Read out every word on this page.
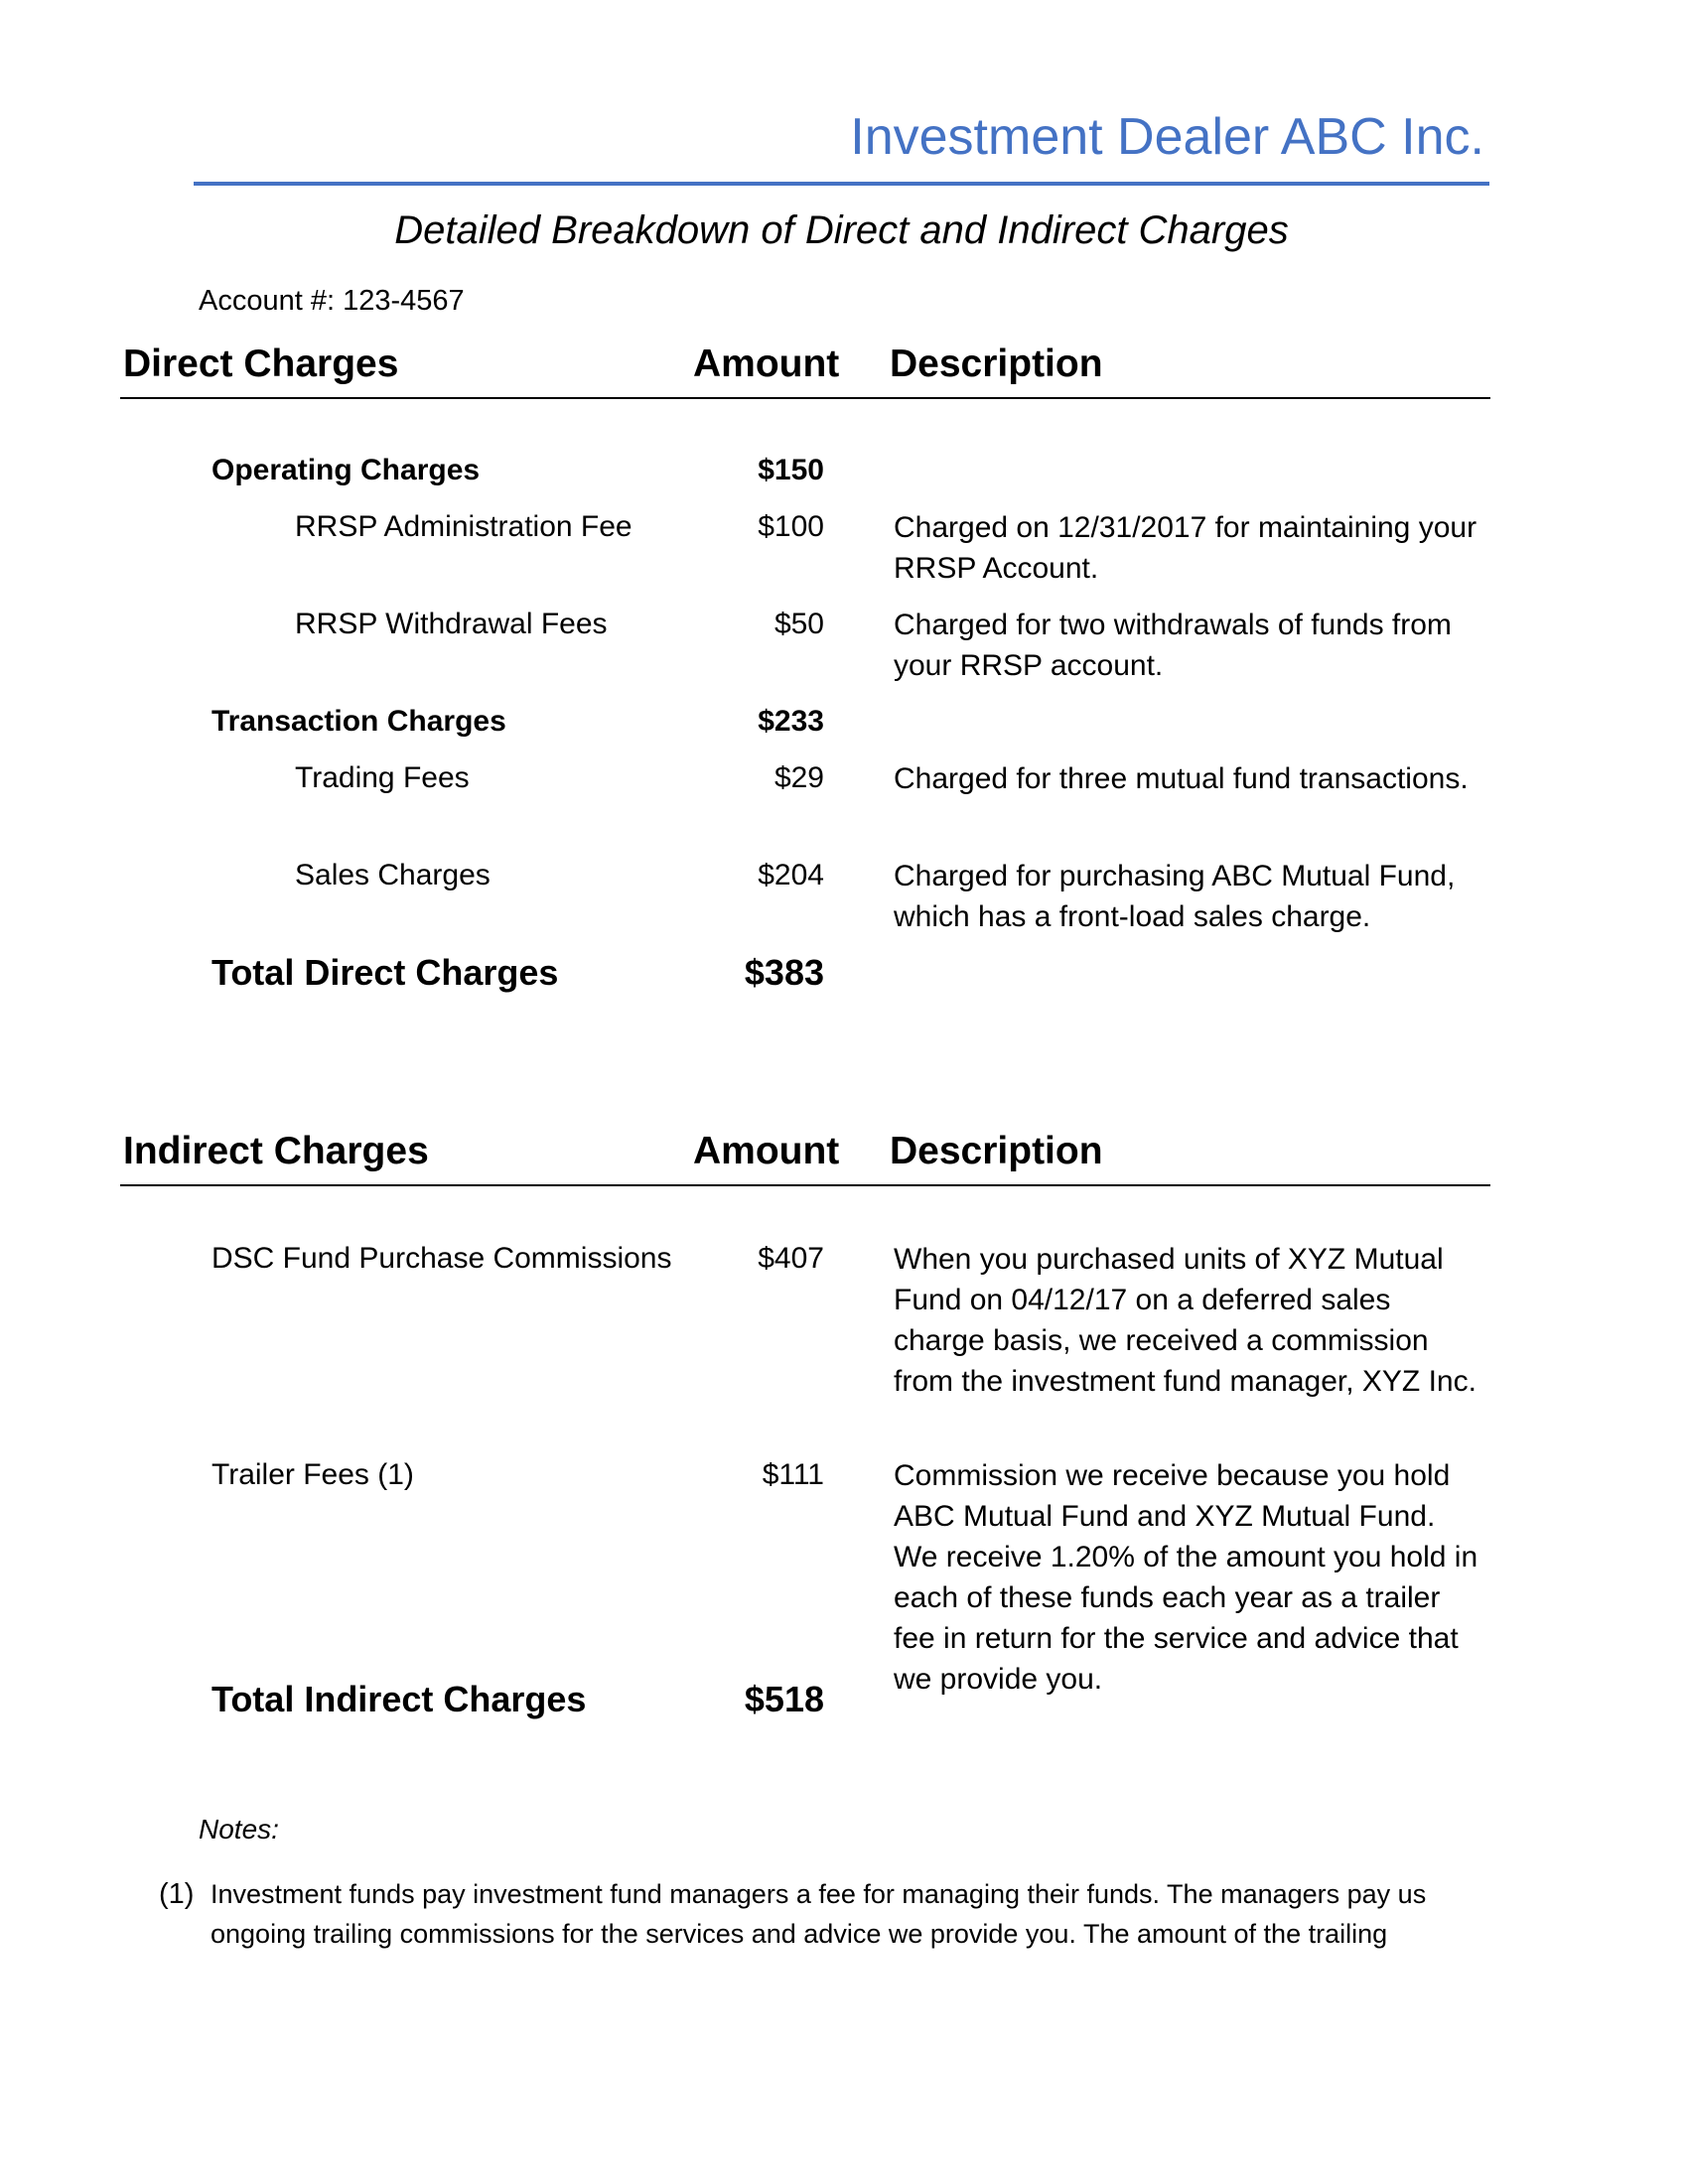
Investment Dealer ABC Inc.
Detailed Breakdown of Direct and Indirect Charges
Account #: 123-4567
Direct Charges	Amount Description
Operating Charges	$150
RRSP Administration Fee	$100 Charged on 12/31/2017 for maintaining your RRSP Account.
RRSP Withdrawal Fees	$50 Charged for two withdrawals of funds from your RRSP account.
Transaction Charges	$233
Trading Fees	$29 Charged for three mutual fund transactions.
Sales Charges	$204 Charged for purchasing ABC Mutual Fund, which has a front-load sales charge.
Total Direct Charges	$383
Indirect Charges	Amount Description
DSC Fund Purchase Commissions	$407 When you purchased units of XYZ Mutual Fund on 04/12/17 on a deferred sales charge basis, we received a commission from the investment fund manager, XYZ Inc.
Trailer Fees (1)	$111 Commission we receive because you hold ABC Mutual Fund and XYZ Mutual Fund. We receive 1.20% of the amount you hold in each of these funds each year as a trailer fee in return for the service and advice that we provide you.
Total Indirect Charges	$518
Notes:
(1) Investment funds pay investment fund managers a fee for managing their funds. The managers pay us ongoing trailing commissions for the services and advice we provide you. The amount of the trailing
